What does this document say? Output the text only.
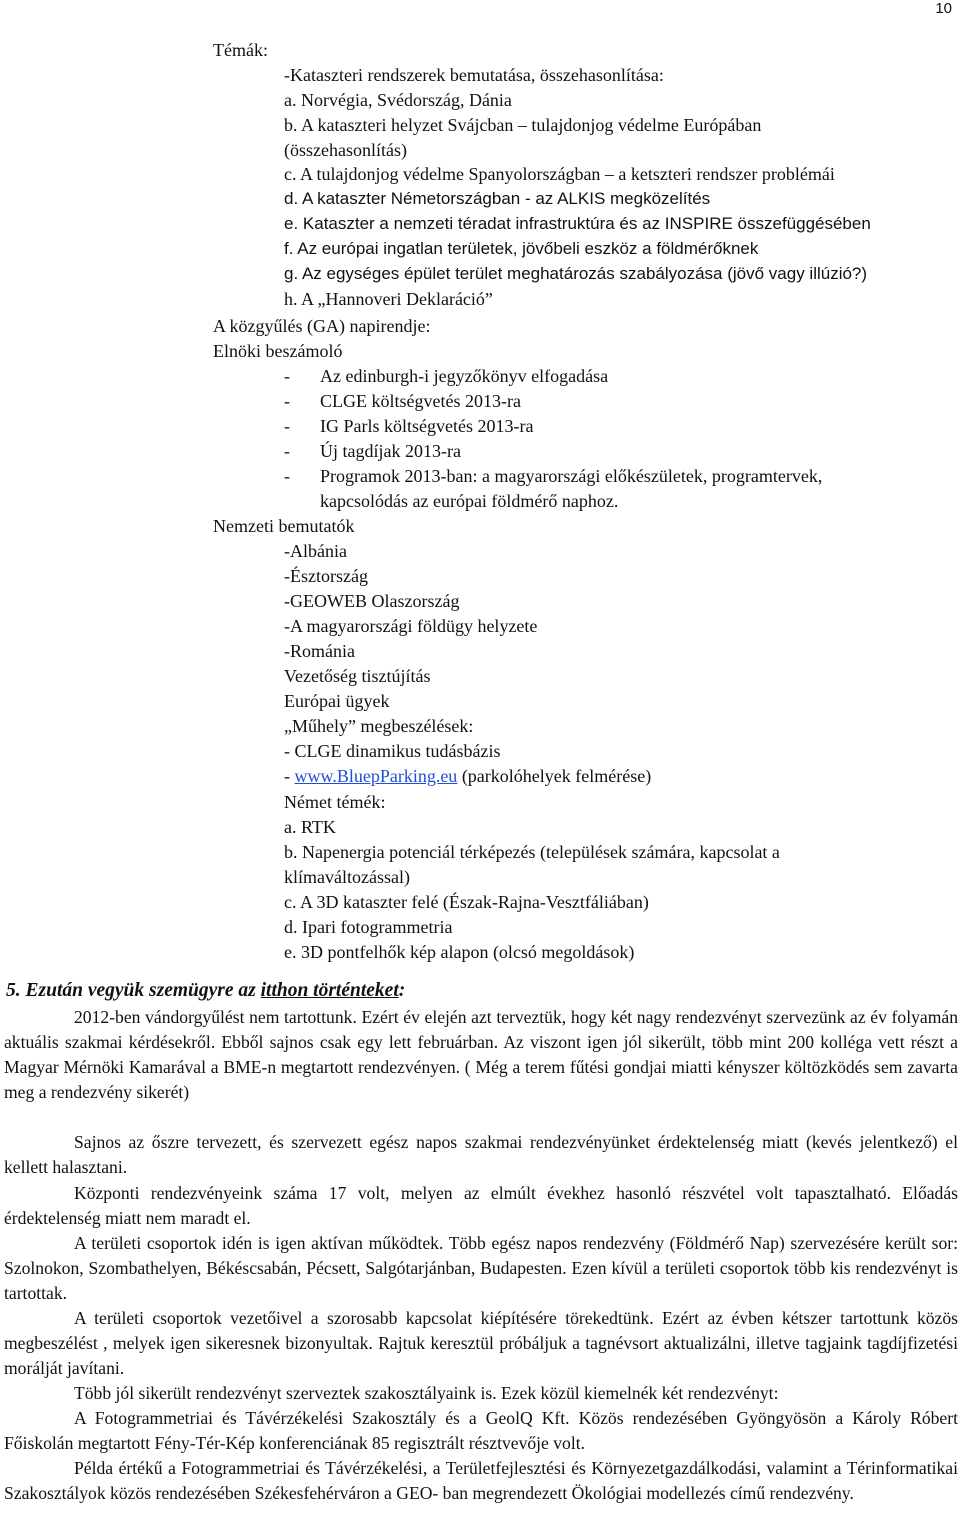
10
Témák:
-Kataszteri rendszerek bemutatása, összehasonlítása:
a. Norvégia, Svédország, Dánia
b. A kataszteri helyzet Svájcban – tulajdonjog védelme Európában
(összehasonlítás)
c. A tulajdonjog védelme Spanyolországban – a ketszteri rendszer problémái
d. A kataszter Németországban - az ALKIS megközelítés
e. Kataszter a nemzeti téradat infrastruktúra és az INSPIRE összefüggésében
f. Az európai ingatlan területek, jövőbeli eszköz a földmérőknek
g. Az egységes épület terület meghatározás szabályozása (jövő vagy illúzió?)
h. A „Hannoveri Deklaráció”
A közgyűlés (GA) napirendje:
Elnöki beszámoló
- Az edinburgh-i jegyzőkönyv elfogadása
- CLGE költségvetés 2013-ra
- IG Parls költségvetés 2013-ra
- Új tagdíjak 2013-ra
- Programok 2013-ban: a magyarországi előkészületek, programtervek,
kapcsolódás az európai földmérő naphoz.
Nemzeti bemutatók
-Albánia
-Észtország
-GEOWEB Olaszország
-A magyarországi földügy helyzete
-Románia
Vezetőség tisztújítás
Európai ügyek
„Műhely” megbeszélések:
- CLGE dinamikus tudásbázis
- www.BluepParking.eu (parkolóhelyek felmérése)
Német témék:
a. RTK
b. Napenergia potenciál térképezés (települések számára, kapcsolat a
klímaváltozással)
c. A 3D kataszter felé (Észak-Rajna-Vesztfáliában)
d. Ipari fotogrammetria
e. 3D pontfelhők kép alapon (olcsó megoldások)
5. Ezután vegyük szemügyre az itthon történteket:
2012-ben vándorgyűlést nem tartottunk. Ezért év elején azt terveztük, hogy két nagy rendezvényt szervezünk az év folyamán aktuális szakmai kérdésekről. Ebből sajnos csak egy lett februárban. Az viszont igen jól sikerült, több mint 200 kolléga vett részt a Magyar Mérnöki Kamarával a BME-n megtartott rendezvényen. ( Még a terem fűtési gondjai miatti kényszer költözködés sem zavarta meg a rendezvény sikerét)
Sajnos az őszre tervezett, és szervezett egész napos szakmai rendezvényünket érdektelenség miatt (kevés jelentkező) el kellett halasztani.
Központi rendezvényeink száma 17 volt, melyen az elmúlt évekhez hasonló részvétel volt tapasztalható. Előadás érdektelenség miatt nem maradt el.
A területi csoportok idén is igen aktívan működtek. Több egész napos rendezvény (Földmérő Nap) szervezésére került sor: Szolnokon, Szombathelyen, Békéscsabán, Pécsett, Salgótarjánban, Budapesten. Ezen kívül a területi csoportok több kis rendezvényt is tartottak.
A területi csoportok vezetőivel a szorosabb kapcsolat kiépítésére törekedtünk. Ezért az évben kétszer tartottunk közös megbeszélést , melyek igen sikeresnek bizonyultak. Rajtuk keresztül próbáljuk a tagnévsort aktualizálni, illetve tagjaink tagdíjfizetési morálját javítani.
Több jól sikerült rendezvényt szerveztek szakosztályaink is. Ezek közül kiemelnék két rendezvényt:
A Fotogrammetriai és Távérzékelési Szakosztály és a GeolQ Kft. Közös rendezésében Gyöngyösön a Károly Róbert Főiskolán megtartott Fény-Tér-Kép konferenciának 85 regisztrált résztvevője volt.
Példa értékű a Fotogrammetriai és Távérzékelési, a Területfejlesztési és Környezetgazdálkodási, valamint a Térinformatikai Szakosztályok közös rendezésében Székesfehérváron a GEO- ban megrendezett Ökológiai modellezés című rendezvény.
